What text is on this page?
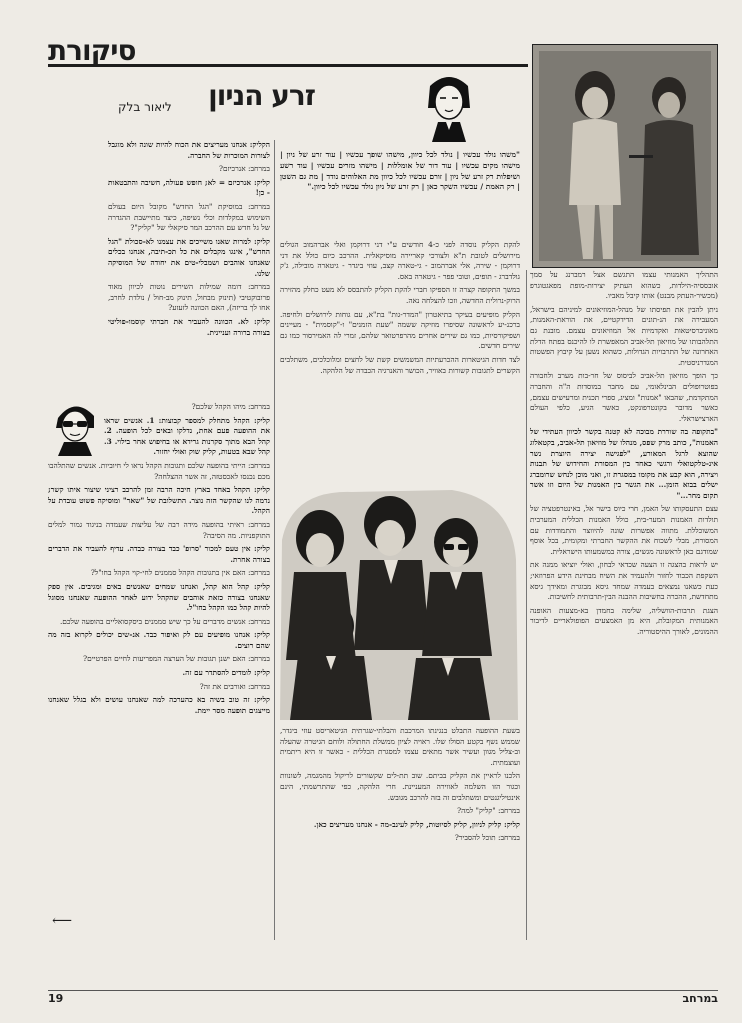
סיקורת
זרע הניון
ליאור בלק

התהליך האמנותי עצמו התגשם אצל רמברנג על סמך אובססיה-הילדות, כשהוא העתיק יצירות-מופת מפאגטוגרפ (מכשיר-העתק מבנט) אותו קיבל מאביו.

ניתן להבין את תפיסתו של מנהל-המוזיאונים למיניהם בישראל, המעבירה את הנ-תונים הדידקטיים, את הוראת-האמנות, מאוניברסיטאות ואקדמיות אל המוזיאונים עצמם. מובנת גם התלהבותו של מוזיאון תל-אביב המאפשרת לו להיכנס בפתח הדלת האחרונה של התרבויות הגדולות, כשהוא נשען על קיבוץ הפשטות המגדרניסטית.

כך הופך מוזיאון תל-אביב לביסוס של חר-בות מערב ולחבורה בפוטרופולים הבינלאומי, עם מחבר במוסדות ה"ה והחברה המתקדמת, שהבאו "אמנות" ומציג, ספרי תכנית ומרעישים עצמם, כאשר מדובר בקונטרפונקט, כאשר הגיע, כלפי העולם הארצישראלי.

"בתקופה בה שוררת מבוכה לא קטנה בקשר לכיוון העתידי של האמנות", כותב מרק שפס, מנהלו של מוזיאון תל-אביב, בקטאלוג שהוצא לרגל המאורע, "לפגישה יצירה היוצרת נשר אינ-טלקטואלי ורגשי כאחד בין המסורת והחידוש של תבנות ויצירה, הוא קבע את מקומו במסגרת זו, ואני מוכן לנחש שרומברג ישלים בבוא הזמן... את הגשר בין האמנות של היום וזו אשר תקום מחר..."

עצם התעסקותו של האמן, חרי כיוס בישר אל, באינטרפטציה של תולדות האמנות המער-בית, כולל האמנות הכללית המערבית המשוכללת. מתווה אפשרות שונה להיווצר והתמודדות עם המסורת, מבלי לשכוח את ההקשר החברתי ומקומית, בכל אוסף שמודגם כאן לראשונה מגשים, צורה במשמעותו הישראלית.

יש לראות בהצגה זו הצעה שכדאי לבחון, ואולי יוציאו ממנה את השקפת הכבוד לחזור ולהעמיד את השיח מבחינת הידע הפרוזאי; כעת כשאנו נמצאים בעמדה שמחד גיסא מבוגרת ומאידך גיסא מתחדשת, ההכרה בחשיבות ההבנה הבין-תרבותית לחשיבות.

הצגת תרבות-הוושליה, שלימה בחמדן בא-מצעות האופנה האמנותית המקובלת, היא מן האמצעים הפופולאריים לדיבור ההמונים, לאורך ההיסטוריה.

"משהו נולד עכשיו | נולד לכל כיוון, מישהו שופך עכשיו | עוד זרע של ניון | מישהו מקים עכשיו | עוד דור של אומללות | מישהו מזרים עכשיו | עוד רשע ושיפלות רק זרע של ניון | זורם עכשיו לכל כיוון מת האלוהים נודד | מת גם השטן | רק האמת / עכשיו השקר כאן | רק זרע של ניון נולד עכשיו לכל כיוון."

להקת הקליק נוסדה לפני כ-4 חודשים ע"י דני דרוקמן ואלי אברהמוב הגולים מירושלים לטובת ת"א ולצורכי קאריירה מוסיקאלית. ההרכב כיום כולל את דני דרוקמן - שירה, אלי אברהמוב - גי-טארה קצב, עוזי ביגדר - גיטארה מובילה, ג'ק גולדברג - תופים, וטובי פפר - גיטארה באס.

במשך התקופה קצרה זו הספיקו חברי להקת הקליק להתבסס לא מעט כחלק מהזירה הרוק-נרולית החדשה, וזכו להצלחה נאה.

הקליק מופיעים בעיקר בתיאטרון "המדר-גות" בת"א, עם גוחות לירושלים ולחיפה. ברכנ-יע לראשונה שסיפרו מוזיקה ששמה "שעת הזמנים" ו-"קוסמית" - מעיינים ושפיקורסיות, כמו גם שירים אחרים מהרפרטואר שלהם, זמרי לה האמירסור כמו גם שירים חדשים.

לצד חדות הגיטארות ההכרעתיות המשמשים קשת של לחצים ומלוכלכים, משתלבים הקשרים לתגובות קשורות באוויר, הכושר והאנרגיה הכבדה של הלהקה.

בשעת ההופעה התבלט בנגינתו המרכבת והבלתי-שגרתית הגיטאריסט עוזי ביגדר, שממש נשף בקטע הסולו שלו. ראויה לציון ממשלת החתולה ולוחם הגיטרה שהעלה וב-צליל מגוון ועשיר אשר מתאים עצמו למסגרת הכללית - כאשר זו היא ריתמית ועוצמתית.

הלכנו לראיין את הקליק בביתם. שוב תת-לים שקשורים לריקול מהמגמה, לשונוות וכגור הזו השלמה לאווירה המעניינת. חרי הלהקה, כפי שהתרשמתי, הינם אינטיליגנטים ומשתלבים זה בזה להרכב מגובש.

במרחב: "קליק" למה?

קליק: קליק לניוון, קליק לסיוטות, קליק לעינב-מה - אנחנו מעריצים כאן.

במרחב: תוכל להסביר?

הקליק: אנחנו מעריצים את הכוח להיות שונה ולא מוגבל לצורות המוכרות של החברה.

במרחב: אנרכיזם?

קליק: אנרכיזם = לא; חופש פעולה, חשיבה והתבטאות - כן!

במרחב: במוסיקת "הגל החדש" מקובל היום בעולם השימוש במקלדות וכלי נשיפה, כיצד מתיישבת ההגדרה של גל חדש עם ההרכב המר סיקאלי של "קליק"?

קליק: למרות שאנו משייכים את עצמנו לא-סכולת "הגל החדש", אינגו מקבלים את כל תכ-תיבה, אנחנו בכלים שאנחנו אוהבים ושמבלי-טים את יחודה של המוסיקה שלנו.

במרחב: דומה שמילות השירים נוטות לכיוון מאוד פרובוקטיבי (תינוק מבחול, תינוק מב-חול / נולדת לחרב, אחו לך בריזה), האם הכוונה לזעזע?

קליק: לא. הכוונה להעביר את חברתי קוסמו-פוליטי בצורה ברורה ועניינית.

במרחב: מיהו הקהל שלכם?

קליק: הקהל מתחלק למספר קבוצות: 1. אנשים שראו את ההופעה פעם אחת, נדלקו ובאים לכל הופעה. 2. קהל הבא מתוך סקרנות גרידא או בחיפוש אחר בילוי. 3. קהל שבא בטעות, קליק שוק ואולי יחזור.

במרחב: הייתי בהופעה שלכם ותגובות הקהל נראו לי חיוביות. אנשים שהתלהבו מכם נכנסו לאכסטזה, זה אשר ההצלחה?

קליק: הקהל באחד בארץ חיכה הרבה זמן להרכב רציני שיצור איתו קשר; נדמה לנו שהקשר הזה נוצר. התשלובת של "שאר" ומוסיקה פשוט עובדת על הקהל.

במרחב: ראיתי בהופעה מידה רבה של עליצות שעמדה בניגוד גמור למלים התוקפניות. מה הסיבה?

קליק: אין טעם למכור 'סרופ' כבד בצורה כבדה. עדיף להעביר את הדברים בצורה אחרת.

במרחב: האם אין בתגובות הקהל סממנים לחי-קוי הקהל בחו"ל?

קליק: קהל הוא קהל, ואנחנו שמחים שאנשים באים ומגיבים. אין ספק שאנחנו בצורה כזאת אוהבים שהקהל ידוע לאחר ההופעה שאנחנו מסוגל להיות קהל כמו הקהל בחו"ל.

במרחב: אנשים מדברים על כך שיש סממנים ביסקסואליים בהופעה שלכם.

קליק: אנחנו מופיעים עם לק ואיפור כבד. אנ-שים יכולים לקרוא בזה מה שהם רוצים.

במרחב: האם ישנן תגובות של הערצה המפריעות לחיים הפרטיים?

קליק: לומדים להסתדר עם זה.

במרחב: ואורבים את זה?

קליק: זה טוב בשיה בא כהערכה למה שאנחנו עושים ולא בגלל שאנחנו מייצגים תופעה מסר יימת.

⟵
19	במרחב
